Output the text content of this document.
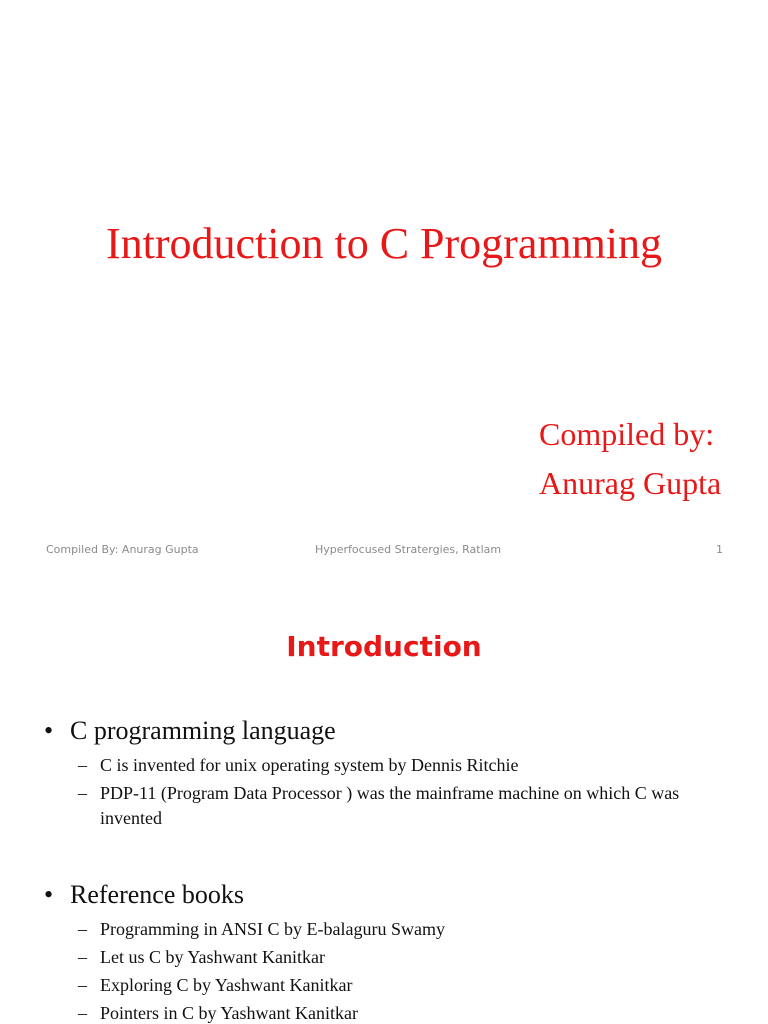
Introduction to C Programming
Compiled by:
Anurag Gupta
Compiled By: Anurag Gupta	Hyperfocused Stratergies, Ratlam	1
Introduction
• C programming language
– C is invented for unix operating system by Dennis Ritchie
– PDP-11 (Program Data Processor ) was the mainframe machine on which C was invented
• Reference books
– Programming in ANSI C by E-balaguru Swamy
– Let us C by Yashwant Kanitkar
– Exploring C by Yashwant Kanitkar
– Pointers in C by Yashwant Kanitkar
